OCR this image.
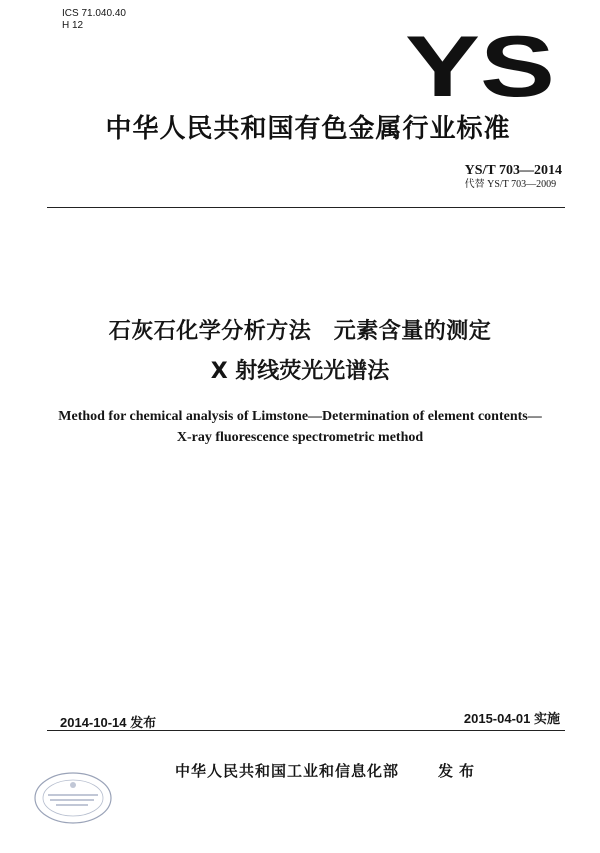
ICS 71.040.40
H 12	YS
中华人民共和国有色金属行业标准
YS/T 703—2014
代替 YS/T 703—2009
石灰石化学分析方法　元素含量的测定
X 射线荧光光谱法
Method for chemical analysis of Limstone—Determination of element contents—
X-ray fluorescence spectrometric method
2014-10-14 发布	2015-04-01 实施
中华人民共和国工业和信息化部	发布
